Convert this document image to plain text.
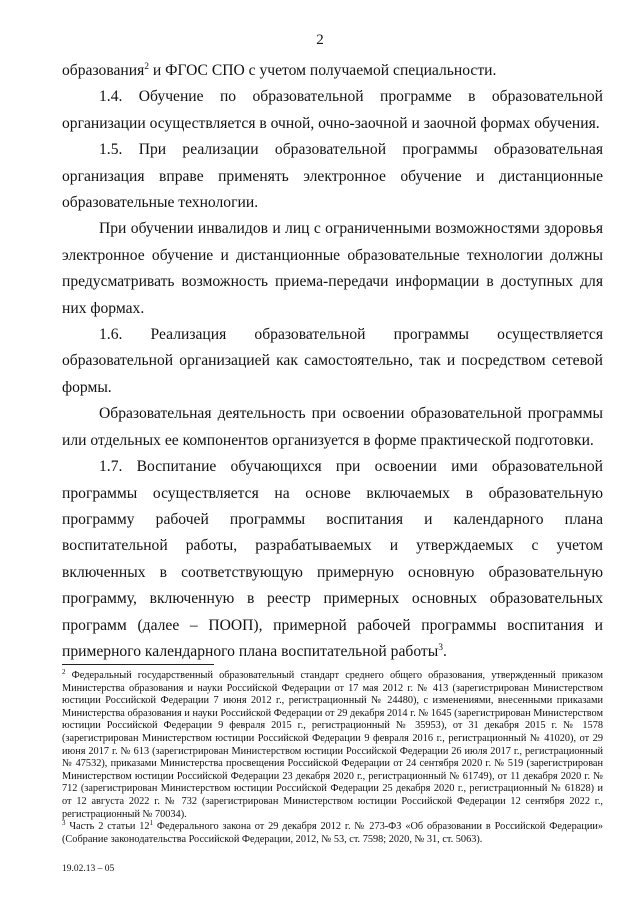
2

образования$^2$ и ФГОС СПО с учетом получаемой специальности.

1.4. Обучение по образовательной программе в образовательной организации осуществляется в очной, очно-заочной и заочной формах обучения.

1.5. При реализации образовательной программы образовательная организация вправе применять электронное обучение и дистанционные образовательные технологии.

При обучении инвалидов и лиц с ограниченными возможностями здоровья электронное обучение и дистанционные образовательные технологии должны предусматривать возможность приема-передачи информации в доступных для них формах.

1.6. Реализация образовательной программы осуществляется образовательной организацией как самостоятельно, так и посредством сетевой формы.

Образовательная деятельность при освоении образовательной программы или отдельных ее компонентов организуется в форме практической подготовки.

1.7. Воспитание обучающихся при освоении ими образовательной программы осуществляется на основе включаемых в образовательную программу рабочей программы воспитания и календарного плана воспитательной работы, разрабатываемых и утверждаемых с учетом включенных в соответствующую примерную основную образовательную программу, включенную в реестр примерных основных образовательных программ (далее – ПООП), примерной рабочей программы воспитания и примерного календарного плана воспитательной работы$^3$.

$^2$ Федеральный государственный образовательный стандарт среднего общего образования, утвержденный приказом Министерства образования и науки Российской Федерации от 17 мая 2012 г. № 413 (зарегистрирован Министерством юстиции Российской Федерации 7 июня 2012 г., регистрационный № 24480), с изменениями, внесенными приказами Министерства образования и науки Российской Федерации от 29 декабря 2014 г. № 1645 (зарегистрирован Министерством юстиции Российской Федерации 9 февраля 2015 г., регистрационный № 35953), от 31 декабря 2015 г. № 1578 (зарегистрирован Министерством юстиции Российской Федерации 9 февраля 2016 г., регистрационный № 41020), от 29 июня 2017 г. № 613 (зарегистрирован Министерством юстиции Российской Федерации 26 июля 2017 г., регистрационный № 47532), приказами Министерства просвещения Российской Федерации от 24 сентября 2020 г. № 519 (зарегистрирован Министерством юстиции Российской Федерации 23 декабря 2020 г., регистрационный № 61749), от 11 декабря 2020 г. № 712 (зарегистрирован Министерством юстиции Российской Федерации 25 декабря 2020 г., регистрационный № 61828) и от 12 августа 2022 г. № 732 (зарегистрирован Министерством юстиции Российской Федерации 12 сентября 2022 г., регистрационный № 70034).

$^3$ Часть 2 статьи $12^1$ Федерального закона от 29 декабря 2012 г. № 273-ФЗ «Об образовании в Российской Федерации» (Собрание законодательства Российской Федерации, 2012, № 53, ст. 7598; 2020, № 31, ст. 5063).

19.02.13 – 05
